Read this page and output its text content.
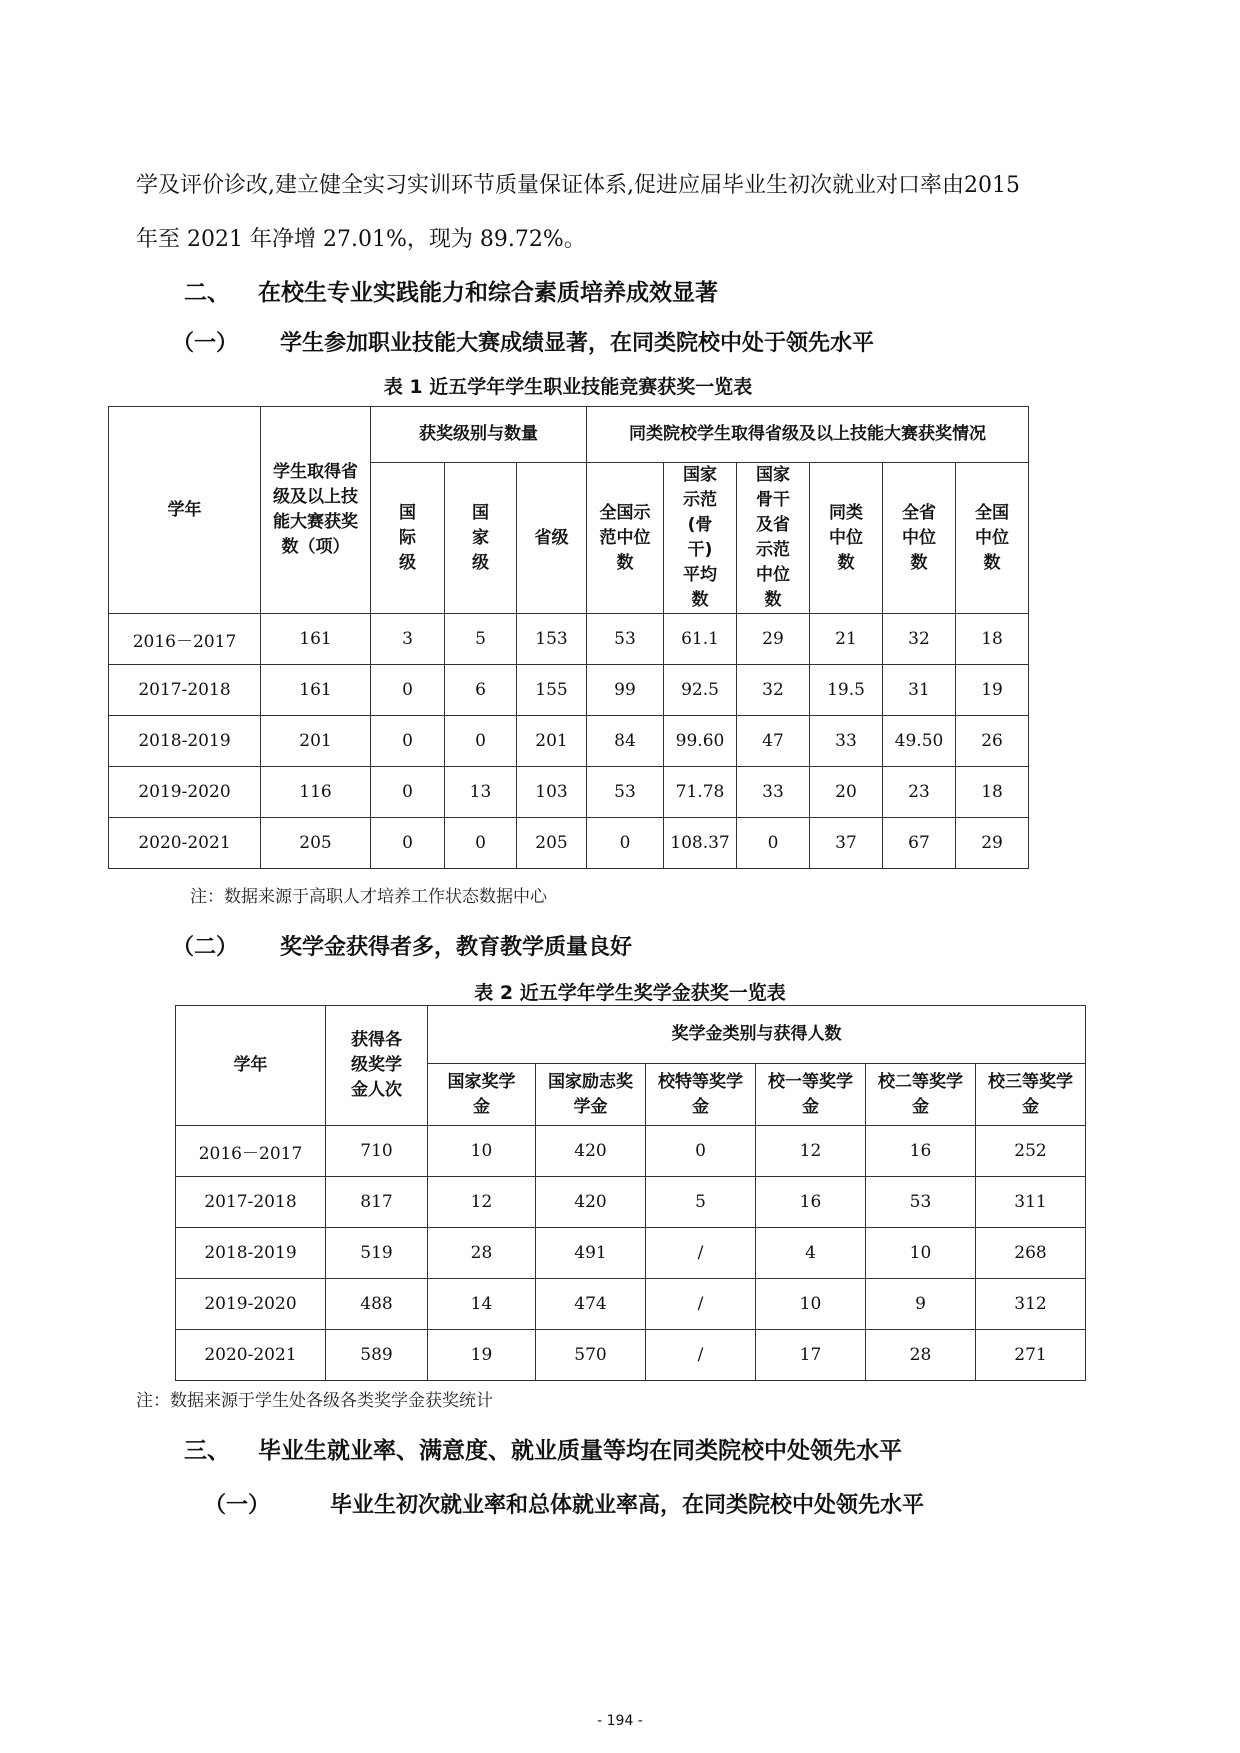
学及评价诊改,建立健全实习实训环节质量保证体系,促进应届毕业生初次就业对口率由2015
年至 2021 年净增 27.01%，现为 89.72%。
二、 在校生专业实践能力和综合素质培养成效显著
（一） 学生参加职业技能大赛成绩显著，在同类院校中处于领先水平
表 1 近五学年学生职业技能竞赛获奖一览表
学年	学生取得省级及以上技能大赛获奖数（项）	获奖级别与数量			同类院校学生取得省级及以上技能大赛获奖情况					
		国际级	国家级	省级	全国示范中位数	国家示范(骨干)平均数	国家骨干及省示范中位数	同类中位数	全省中位数	全国中位数
2016－2017	161	3	5	153	53	61.1	29	21	32	18
2017-2018	161	0	6	155	99	92.5	32	19.5	31	19
2018-2019	201	0	0	201	84	99.60	47	33	49.50	26
2019-2020	116	0	13	103	53	71.78	33	20	23	18
2020-2021	205	0	0	205	0	108.37	0	37	67	29
注：数据来源于高职人才培养工作状态数据中心
（二） 奖学金获得者多，教育教学质量良好
表 2 近五学年学生奖学金获奖一览表
学年	获得各级奖学金人次	奖学金类别与获得人数					
		国家奖学金	国家励志奖学金	校特等奖学金	校一等奖学金	校二等奖学金	校三等奖学金
2016－2017	710	10	420	0	12	16	252
2017-2018	817	12	420	5	16	53	311
2018-2019	519	28	491	/	4	10	268
2019-2020	488	14	474	/	10	9	312
2020-2021	589	19	570	/	17	28	271
注：数据来源于学生处各级各类奖学金获奖统计
三、 毕业生就业率、满意度、就业质量等均在同类院校中处领先水平
（一）	毕业生初次就业率和总体就业率高，在同类院校中处领先水平
- 194 -
